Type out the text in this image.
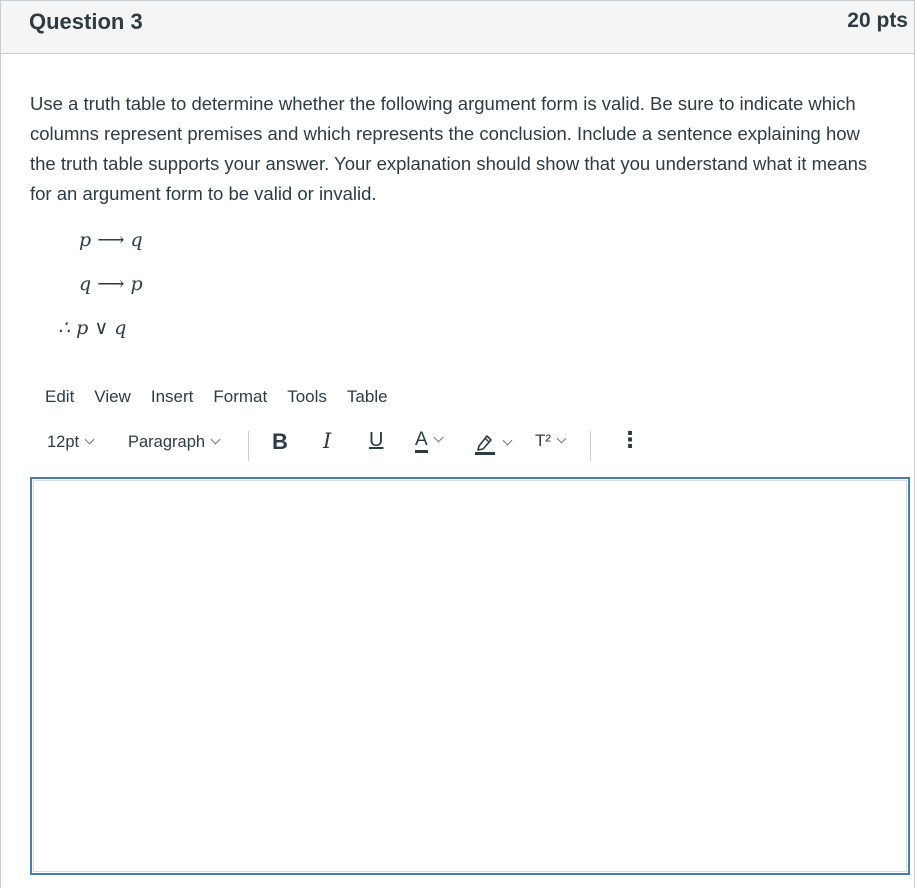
Question 3	20 pts
Use a truth table to determine whether the following argument form is valid. Be sure to indicate which columns represent premises and which represents the conclusion. Include a sentence explaining how the truth table supports your answer. Your explanation should show that you understand what it means for an argument form to be valid or invalid.
p ⟶ q
q ⟶ p
∴ p ∨ q
Edit View Insert Format Tools Table
12pt	Paragraph	B I U A	T²	⋮
